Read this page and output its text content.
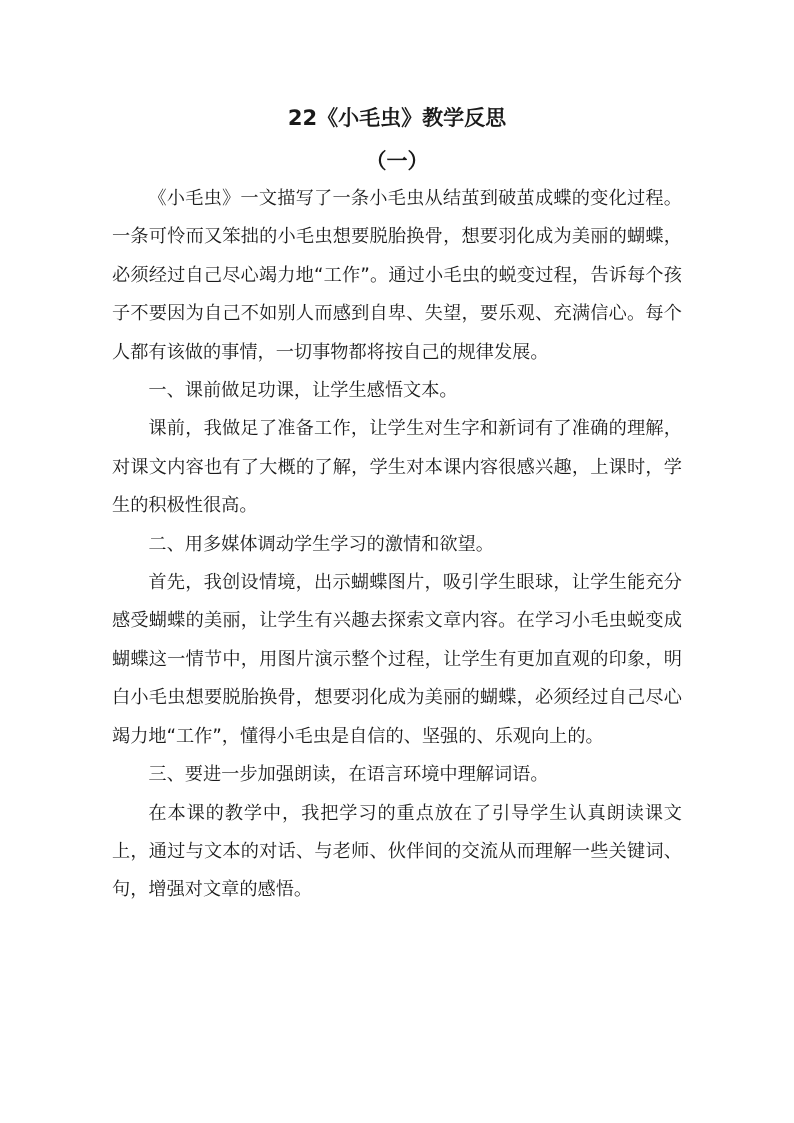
22《小毛虫》教学反思
（一）

《小毛虫》一文描写了一条小毛虫从结茧到破茧成蝶的变化过程。一条可怜而又笨拙的小毛虫想要脱胎换骨，想要羽化成为美丽的蝴蝶，必须经过自己尽心竭力地“工作”。通过小毛虫的蜕变过程，告诉每个孩子不要因为自己不如别人而感到自卑、失望，要乐观、充满信心。每个人都有该做的事情，一切事物都将按自己的规律发展。

一、课前做足功课，让学生感悟文本。

课前，我做足了准备工作，让学生对生字和新词有了准确的理解，对课文内容也有了大概的了解，学生对本课内容很感兴趣，上课时，学生的积极性很高。

二、用多媒体调动学生学习的激情和欲望。

首先，我创设情境，出示蝴蝶图片，吸引学生眼球，让学生能充分感受蝴蝶的美丽，让学生有兴趣去探索文章内容。在学习小毛虫蜕变成蝴蝶这一情节中，用图片演示整个过程，让学生有更加直观的印象，明白小毛虫想要脱胎换骨，想要羽化成为美丽的蝴蝶，必须经过自己尽心竭力地“工作”，懂得小毛虫是自信的、坚强的、乐观向上的。

三、要进一步加强朗读，在语言环境中理解词语。

在本课的教学中，我把学习的重点放在了引导学生认真朗读课文上，通过与文本的对话、与老师、伙伴间的交流从而理解一些关键词、句，增强对文章的感悟。
